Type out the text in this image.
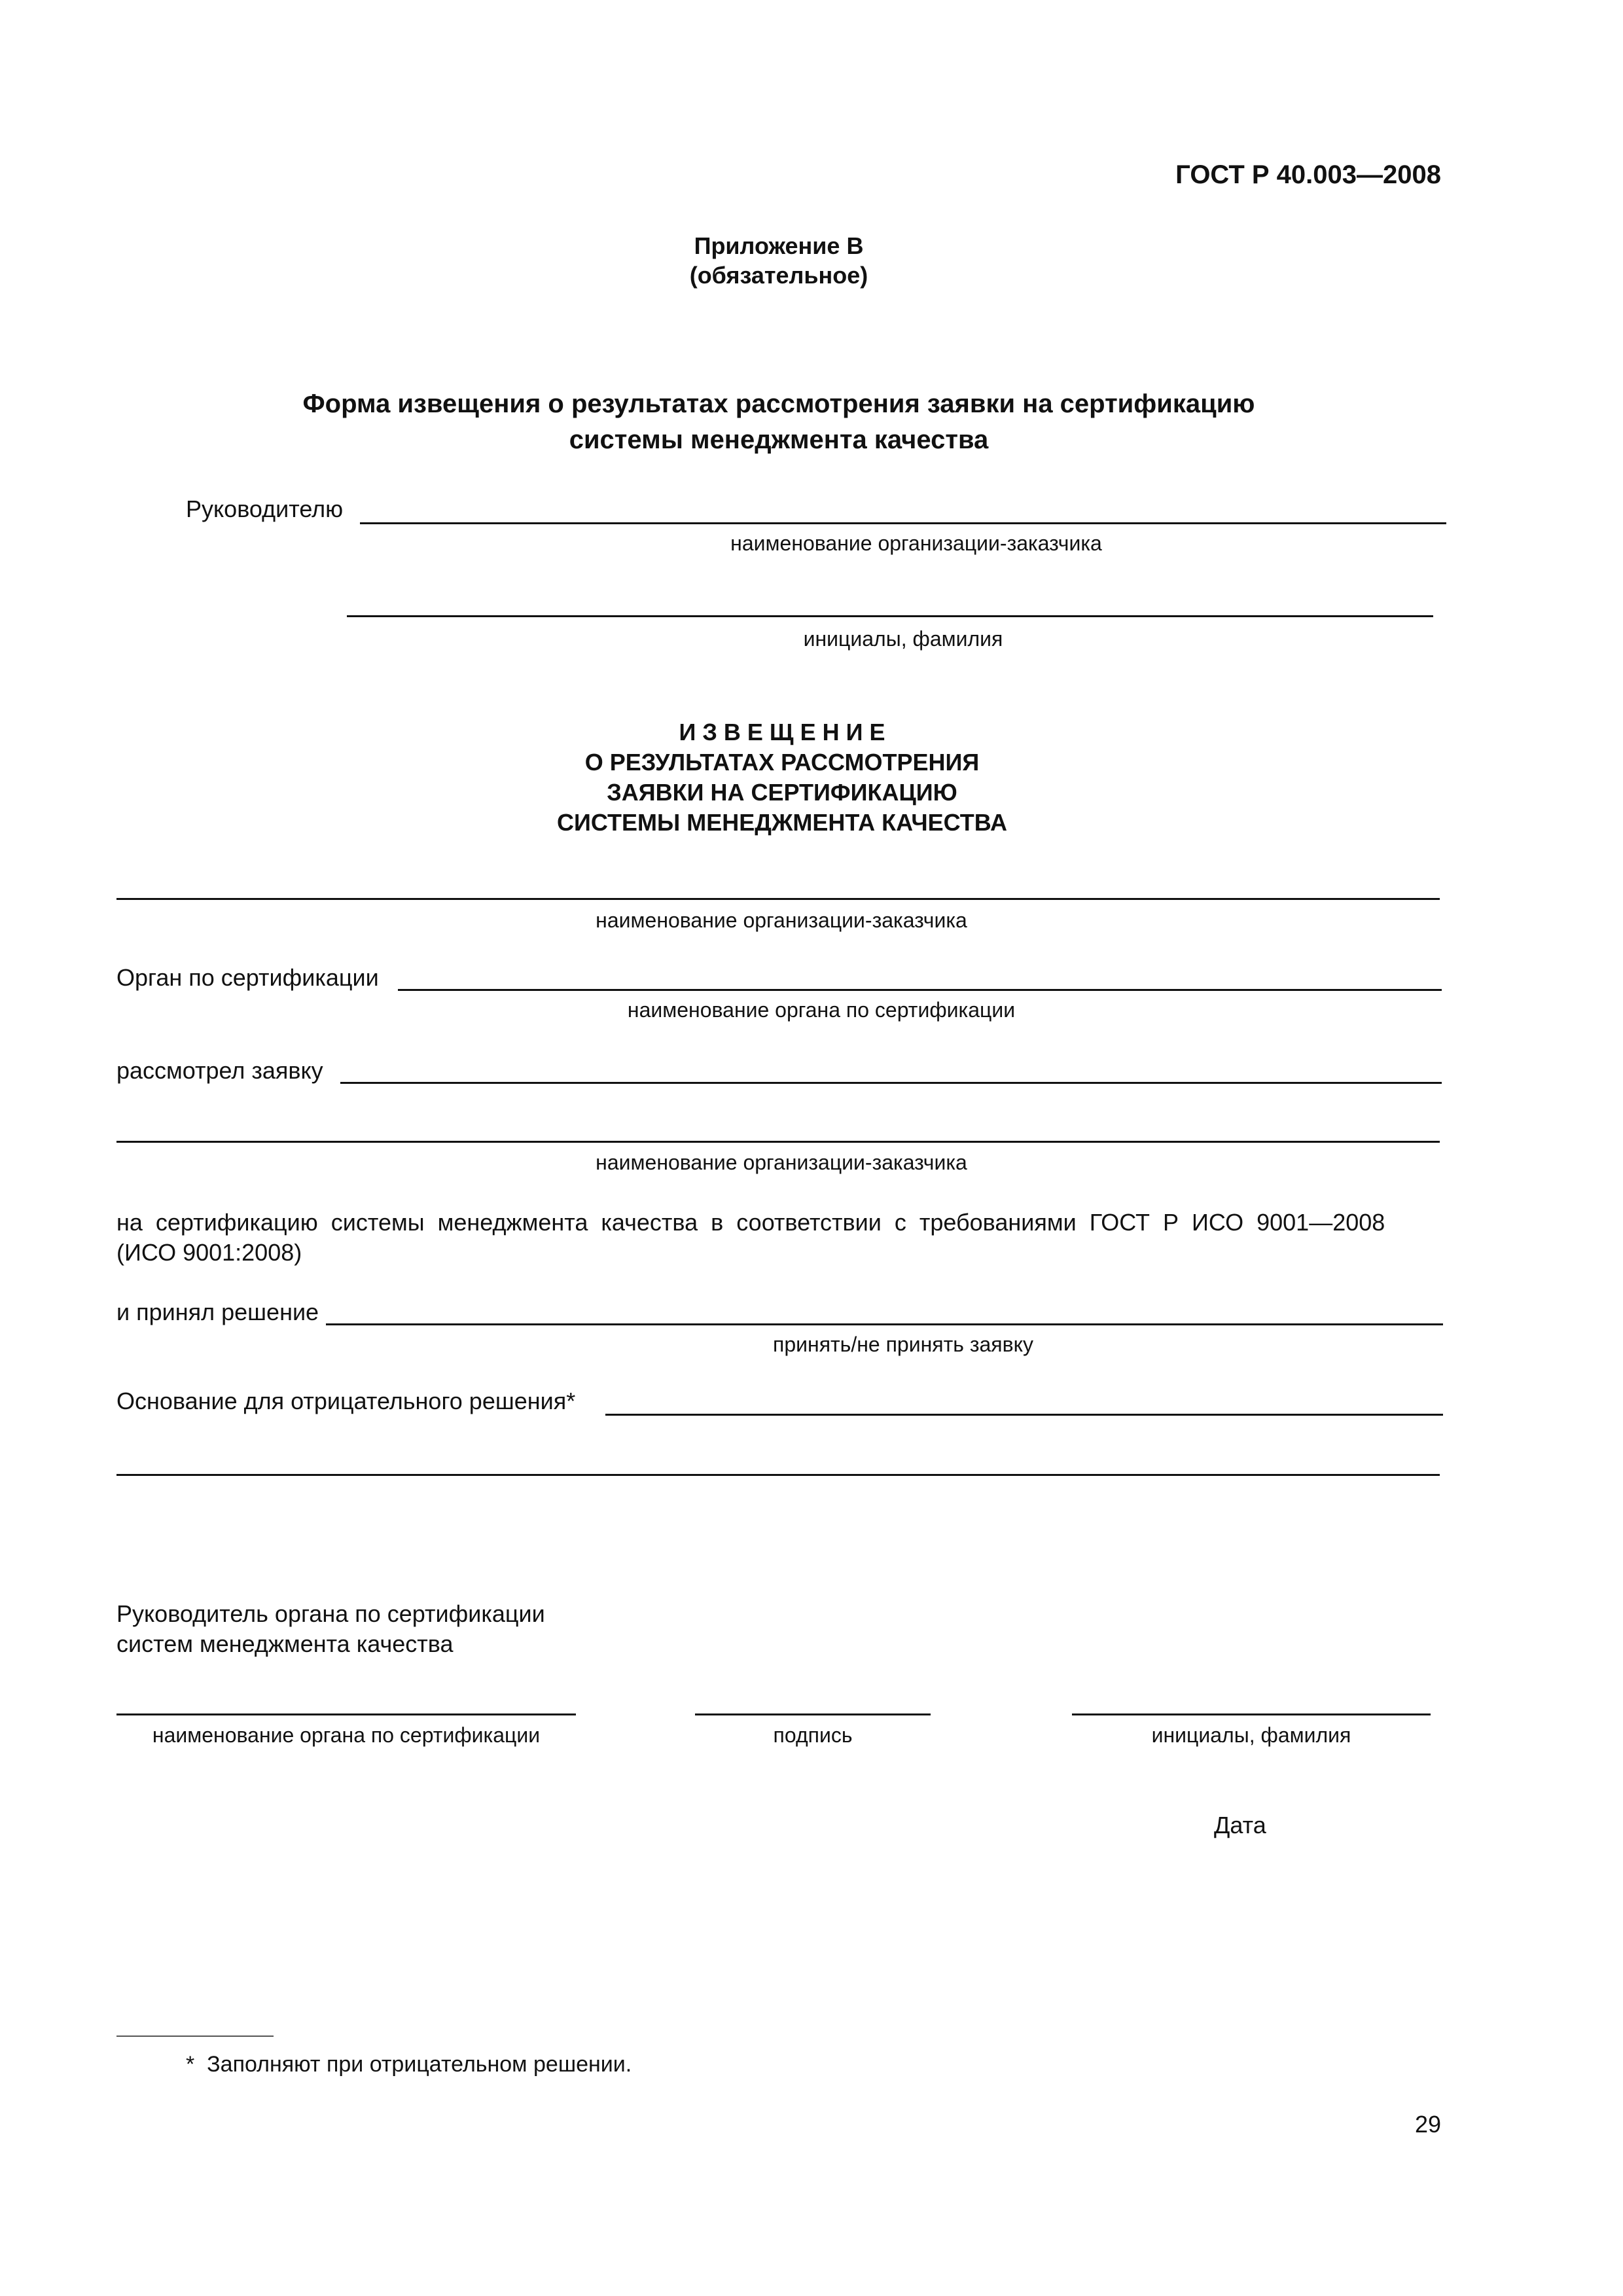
ГОСТ Р 40.003—2008
Приложение В
(обязательное)
Форма извещения о результатах рассмотрения заявки на сертификацию
системы менеджмента качества
Руководителю
наименование организации-заказчика
инициалы, фамилия
И З В Е Щ Е Н И Е
О РЕЗУЛЬТАТАХ РАССМОТРЕНИЯ
ЗАЯВКИ НА СЕРТИФИКАЦИЮ
СИСТЕМЫ МЕНЕДЖМЕНТА КАЧЕСТВА
наименование организации-заказчика
Орган по сертификации
наименование органа по сертификации
рассмотрел заявку
наименование организации-заказчика
на  сертификацию  системы  менеджмента  качества  в  соответствии  с  требованиями  ГОСТ  Р  ИСО  9001—2008
(ИСО 9001:2008)
и принял решение
принять/не принять заявку
Основание для отрицательного решения*
Руководитель органа по сертификации
систем менеджмента качества
наименование органа по сертификации	подпись	инициалы, фамилия
Дата
*  Заполняют при отрицательном решении.
29
